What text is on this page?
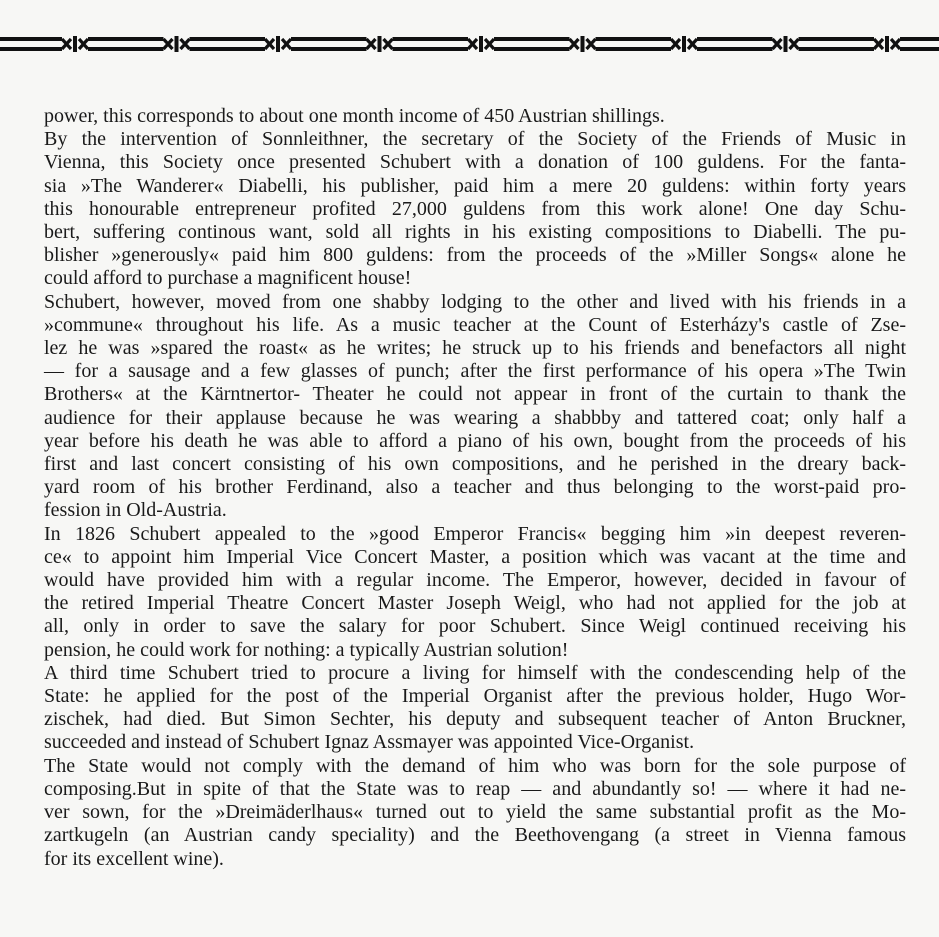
power, this corresponds to about one month income of 450 Austrian shillings.
By the intervention of Sonnleithner, the secretary of the Society of the Friends of Music in
Vienna, this Society once presented Schubert with a donation of 100 guldens. For the fanta-
sia »The Wanderer« Diabelli, his publisher, paid him a mere 20 guldens: within forty years
this honourable entrepreneur profited 27,000 guldens from this work alone! One day Schu-
bert, suffering continous want, sold all rights in his existing compositions to Diabelli. The pu-
blisher »generously« paid him 800 guldens: from the proceeds of the »Miller Songs« alone he
could afford to purchase a magnificent house!
Schubert, however, moved from one shabby lodging to the other and lived with his friends in a
»commune« throughout his life. As a music teacher at the Count of Esterházy's castle of Zse-
lez he was »spared the roast« as he writes; he struck up to his friends and benefactors all night
— for a sausage and a few glasses of punch; after the first performance of his opera »The Twin
Brothers« at the Kärntnertor- Theater he could not appear in front of the curtain to thank the
audience for their applause because he was wearing a shabbby and tattered coat; only half a
year before his death he was able to afford a piano of his own, bought from the proceeds of his
first and last concert consisting of his own compositions, and he perished in the dreary back-
yard room of his brother Ferdinand, also a teacher and thus belonging to the worst-paid pro-
fession in Old-Austria.
In 1826 Schubert appealed to the »good Emperor Francis« begging him »in deepest reveren-
ce« to appoint him Imperial Vice Concert Master, a position which was vacant at the time and
would have provided him with a regular income. The Emperor, however, decided in favour of
the retired Imperial Theatre Concert Master Joseph Weigl, who had not applied for the job at
all, only in order to save the salary for poor Schubert. Since Weigl continued receiving his
pension, he could work for nothing: a typically Austrian solution!
A third time Schubert tried to procure a living for himself with the condescending help of the
State: he applied for the post of the Imperial Organist after the previous holder, Hugo Wor-
zischek, had died. But Simon Sechter, his deputy and subsequent teacher of Anton Bruckner,
succeeded and instead of Schubert Ignaz Assmayer was appointed Vice-Organist.
The State would not comply with the demand of him who was born for the sole purpose of
composing.But in spite of that the State was to reap — and abundantly so! — where it had ne-
ver sown, for the »Dreimäderlhaus« turned out to yield the same substantial profit as the Mo-
zartkugeln (an Austrian candy speciality) and the Beethovengang (a street in Vienna famous
for its excellent wine).
